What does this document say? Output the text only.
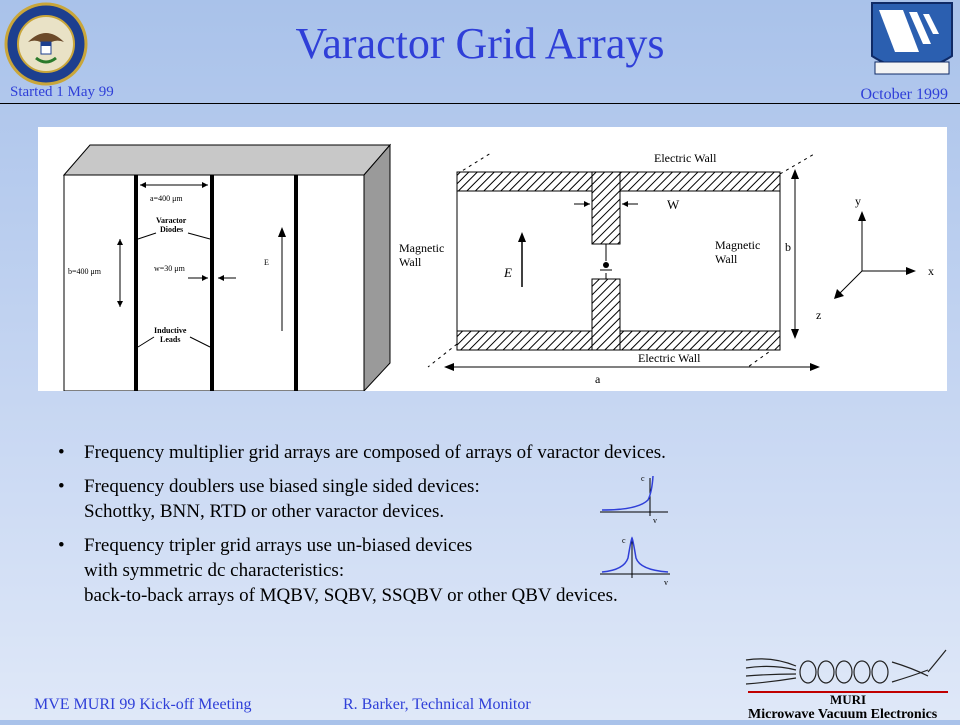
Varactor Grid Arrays
Started 1 May 99	October 1999
a=400 μm
Varactor
Diodes
b=400 μm	w=30 μm
E
Inductive
Leads
Electric Wall
Electric Wall
W
Magnetic
Wall
Magnetic
Wall
E
b
a
y
x
z
• Frequency multiplier grid arrays are composed of arrays of varactor devices.
• Frequency doublers use biased single sided devices:
Schottky, BNN, RTD or other varactor devices.
• Frequency tripler grid arrays use un-biased devices
with symmetric dc characteristics:
back-to-back arrays of MQBV, SQBV, SSQBV or other QBV devices.
c
v
c
v
MVE MURI 99 Kick-off Meeting	R. Barker, Technical Monitor	MURI
Microwave Vacuum Electronics
